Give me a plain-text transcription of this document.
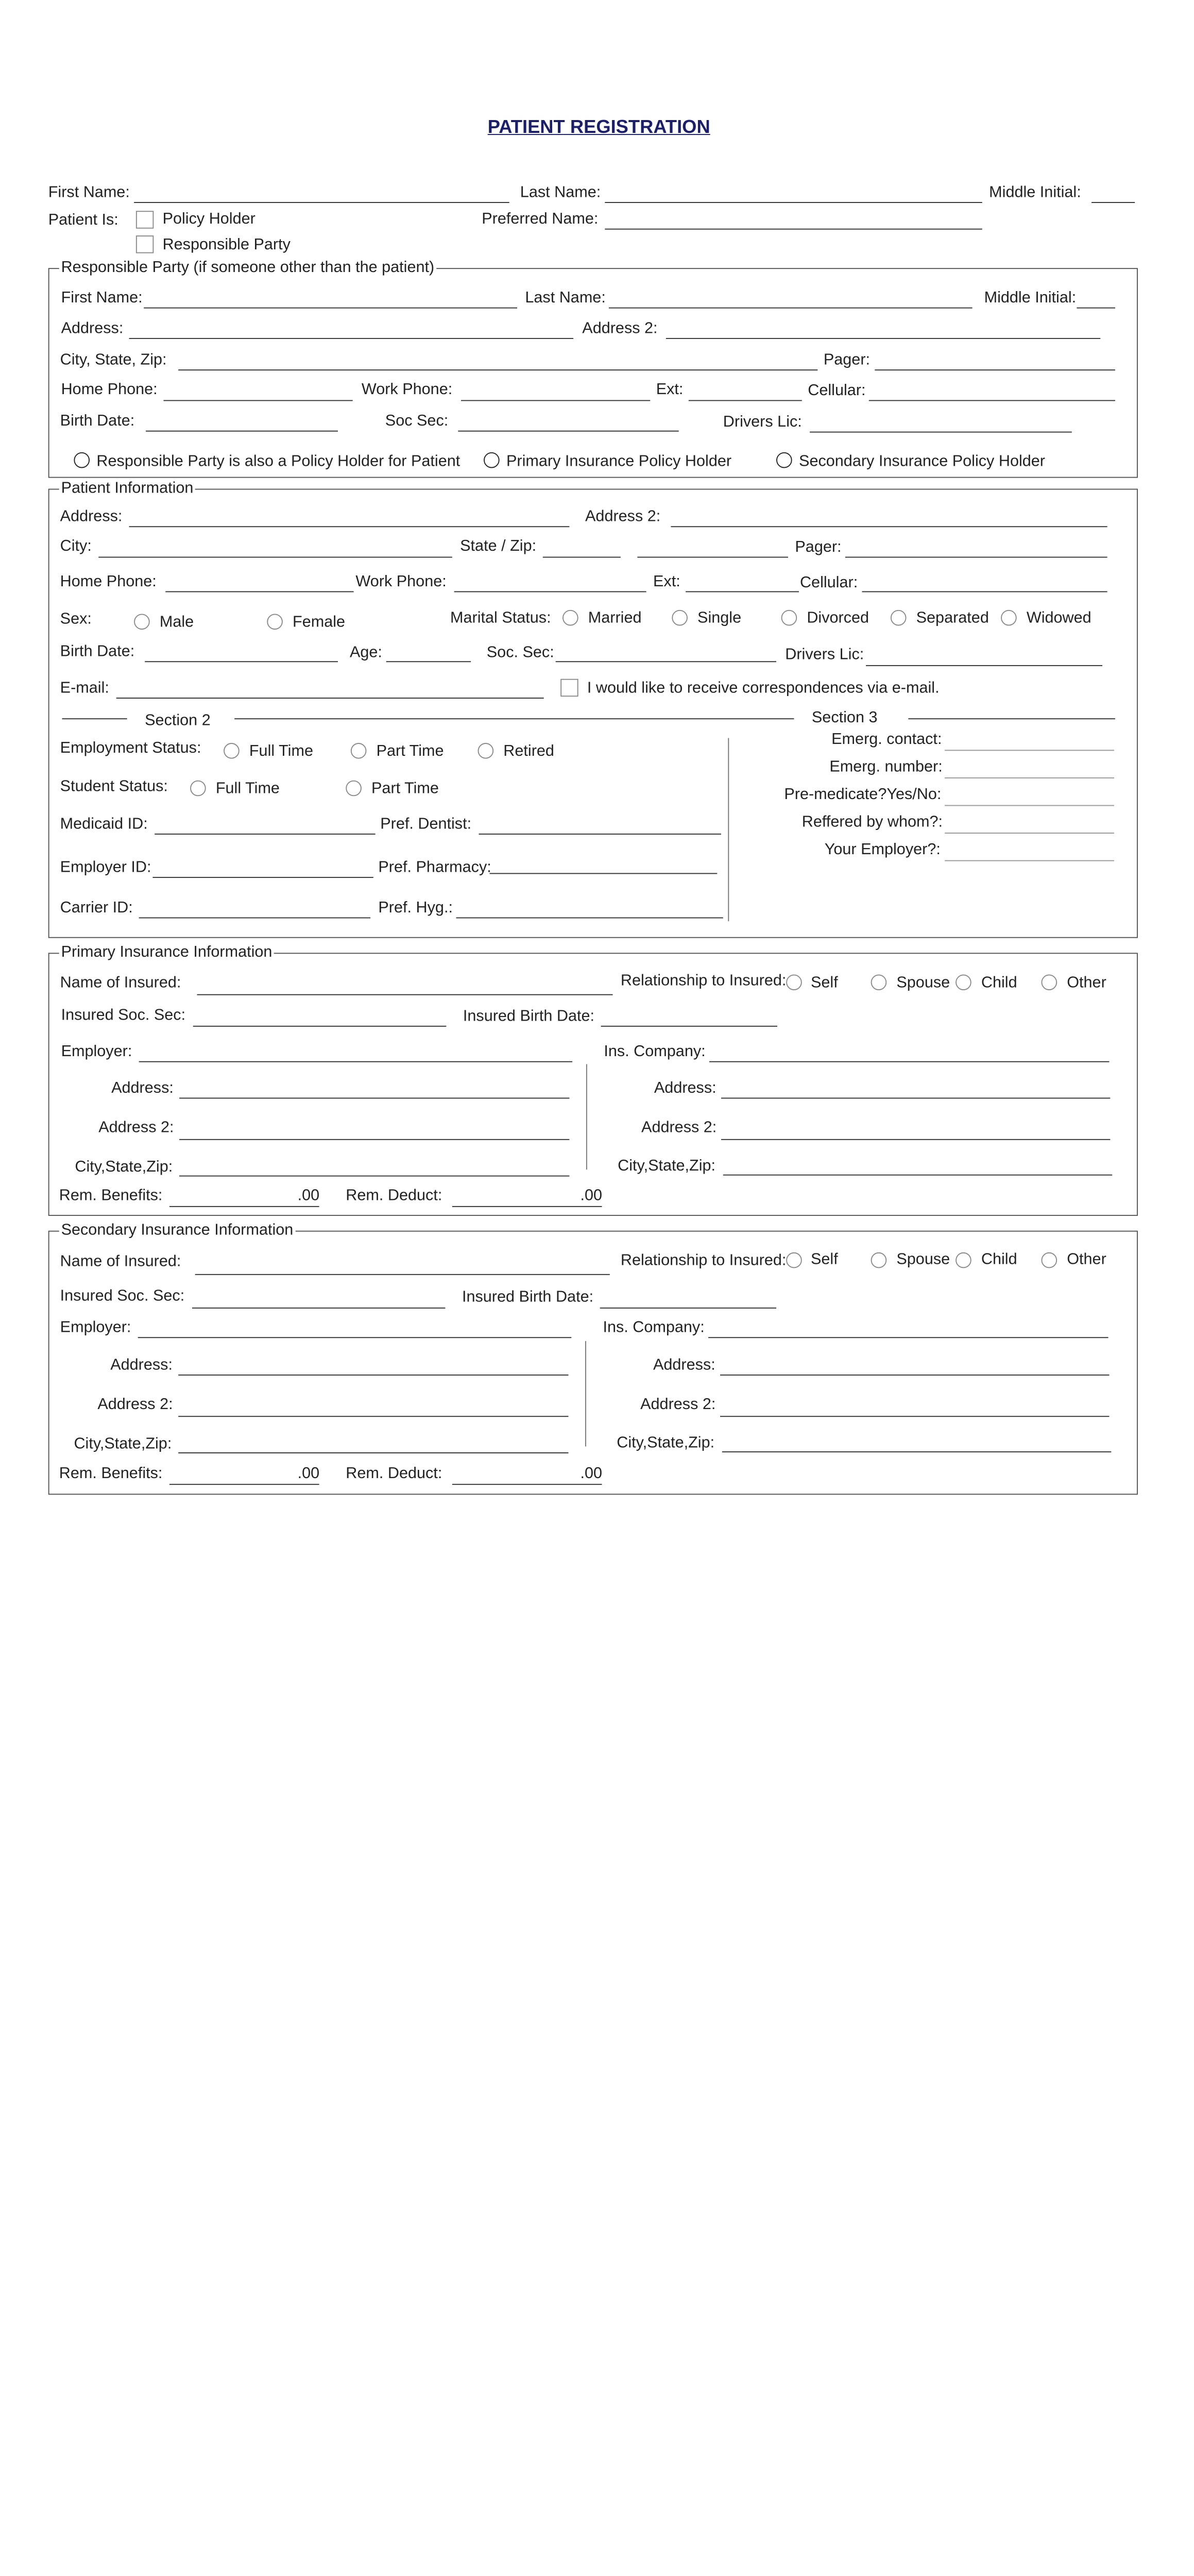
PATIENT REGISTRATION
First Name:	Last Name:	Middle Initial:
Patient Is:	Policy Holder
Responsible Party
Preferred Name:
Responsible Party (if someone other than the patient)
First Name:	Last Name:	Middle Initial:
Address:	Address 2:
City, State, Zip:	Pager:
Home Phone:	Work Phone:	Ext:	Cellular:
Birth Date:	Soc Sec:	Drivers Lic:
Responsible Party is also a Policy Holder for Patient	Primary Insurance Policy Holder	Secondary Insurance Policy Holder
Patient Information
Address:	Address 2:
City:	State / Zip:	Pager:
Home Phone:	Work Phone:	Ext:	Cellular:
Sex:	Male	Female	Marital Status:	Married	Single	Divorced	Separated	Widowed
Birth Date:	Age:	Soc. Sec:	Drivers Lic:
E-mail:	I would like to receive correspondences via e-mail.
Section 2	Section 3
Employment Status:	Full Time	Part Time	Retired
Student Status:	Full Time	Part Time
Medicaid ID:	Pref. Dentist:
Employer ID:	Pref. Pharmacy:
Carrier ID:	Pref. Hyg.:
Emerg. contact:
Emerg. number:
Pre-medicate?Yes/No:
Reffered by whom?:
Your Employer?:
Primary Insurance Information
Name of Insured:	Relationship to Insured:	Self	Spouse	Child	Other
Insured Soc. Sec:	Insured Birth Date:
Employer:	Ins. Company:
Address:	Address:
Address 2:	Address 2:
City,State,Zip:	City,State,Zip:
Rem. Benefits:	.00	Rem. Deduct:	.00
Secondary Insurance Information
Name of Insured:	Relationship to Insured:	Self	Spouse	Child	Other
Insured Soc. Sec:	Insured Birth Date:
Employer:	Ins. Company:
Address:	Address:
Address 2:	Address 2:
City,State,Zip:	City,State,Zip:
Rem. Benefits:	.00	Rem. Deduct:	.00
